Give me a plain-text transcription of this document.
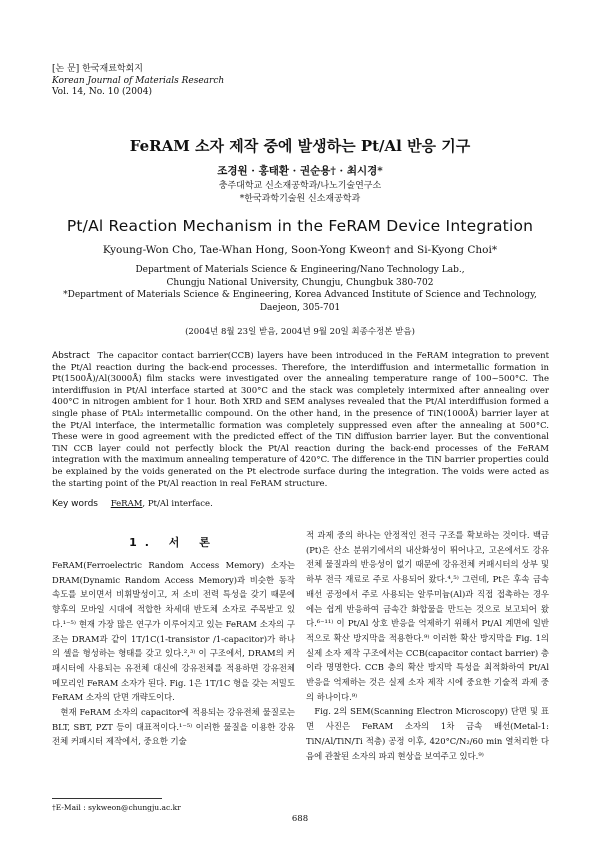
[논 문] 한국재료학회지
Korean Journal of Materials Research
Vol. 14, No. 10 (2004)
FeRAM 소자 제작 중에 발생하는 Pt/Al 반응 기구
조경원 · 홍태환 · 권순용† · 최시경*
충주대학교 신소재공학과/나노기술연구소
*한국과학기술원 신소재공학과
Pt/Al Reaction Mechanism in the FeRAM Device Integration
Kyoung-Won Cho, Tae-Whan Hong, Soon-Yong Kweon† and Si-Kyong Choi*
Department of Materials Science & Engineering/Nano Technology Lab.,
Chungju National University, Chungju, Chungbuk 380-702
*Department of Materials Science & Engineering, Korea Advanced Institute of Science and Technology,
Daejeon, 305-701
(2004년 8월 23일 받음, 2004년 9월 20일 최종수정본 받음)
Abstract The capacitor contact barrier(CCB) layers have been introduced in the FeRAM integration to prevent the Pt/Al reaction during the back-end processes. Therefore, the interdiffusion and intermetallic formation in Pt(1500Å)/Al(3000Å) film stacks were investigated over the annealing temperature range of 100~500°C. The interdiffusion in Pt/Al interface started at 300°C and the stack was completely intermixed after annealing over 400°C in nitrogen ambient for 1 hour. Both XRD and SEM analyses revealed that the Pt/Al interdiffusion formed a single phase of PtAl₂ intermetallic compound. On the other hand, in the presence of TiN(1000Å) barrier layer at the Pt/Al interface, the intermetallic formation was completely suppressed even after the annealing at 500°C. These were in good agreement with the predicted effect of the TiN diffusion barrier layer. But the conventional TiN CCB layer could not perfectly block the Pt/Al reaction during the back-end processes of the FeRAM integration with the maximum annealing temperature of 420°C. The difference in the TiN barrier properties could be explained by the voids generated on the Pt electrode surface during the integration. The voids were acted as the starting point of the Pt/Al reaction in real FeRAM structure.
Key words FeRAM, Pt/Al interface.
1. 서 론

FeRAM(Ferroelectric Random Access Memory) 소자는 DRAM(Dynamic Random Access Memory)과 비슷한 동작 속도를 보이면서 비휘발성이고, 저 소비 전력 특성을 갖기 때문에 향후의 모바일 시대에 적합한 차세대 반도체 소자로 주목받고 있다.¹⁻⁵⁾ 현재 가장 많은 연구가 이루어지고 있는 FeRAM 소자의 구조는 DRAM과 같이 1T/1C(1-transistor /1-capacitor)가 하나의 셀을 형성하는 형태를 갖고 있다.²,³⁾ 이 구조에서, DRAM의 커패시터에 사용되는 유전체 대신에 강유전체를 적용하면 강유전체 메모리인 FeRAM 소자가 된다. Fig. 1은 1T/1C 형을 갖는 저밀도 FeRAM 소자의 단면 개략도이다.

현재 FeRAM 소자의 capacitor에 적용되는 강유전체 물질로는 BLT, SBT, PZT 등이 대표적이다.¹⁻⁵⁾ 이러한 물질을 이용한 강유전체 커패시터 제작에서, 중요한 기술

적 과제 중의 하나는 안정적인 전극 구조를 확보하는 것이다. 백금(Pt)은 산소 분위기에서의 내산화성이 뛰어나고, 고온에서도 강유전체 물질과의 반응성이 없기 때문에 강유전체 커패시터의 상부 및 하부 전극 재료로 주로 사용되어 왔다.⁴,⁵⁾ 그런데, Pt은 후속 금속 배선 공정에서 주로 사용되는 알루미늄(Al)과 직접 접촉하는 경우에는 쉽게 반응하여 금속간 화합물을 만드는 것으로 보고되어 왔다.⁶⁻¹¹⁾ 이 Pt/Al 상호 반응을 억제하기 위해서 Pt/Al 계면에 일반적으로 확산 방지막을 적용한다.⁹⁾ 이러한 확산 방지막을 Fig. 1의 실제 소자 제작 구조에서는 CCB(capacitor contact barrier) 층이라 명명한다. CCB 층의 확산 방지막 특성을 최적화하여 Pt/Al 반응을 억제하는 것은 실제 소자 제작 시에 중요한 기술적 과제 중의 하나이다.⁹⁾

Fig. 2의 SEM(Scanning Electron Microscopy) 단면 및 표면 사진은 FeRAM 소자의 1차 금속 배선(Metal-1: TiN/Al/TiN/Ti 적층) 공정 이후, 420°C/N₂/60 min 열처리한 다음에 관찰된 소자의 파괴 현상을 보여주고 있다.⁹⁾

†E-Mail : sykweon@chungju.ac.kr
688
